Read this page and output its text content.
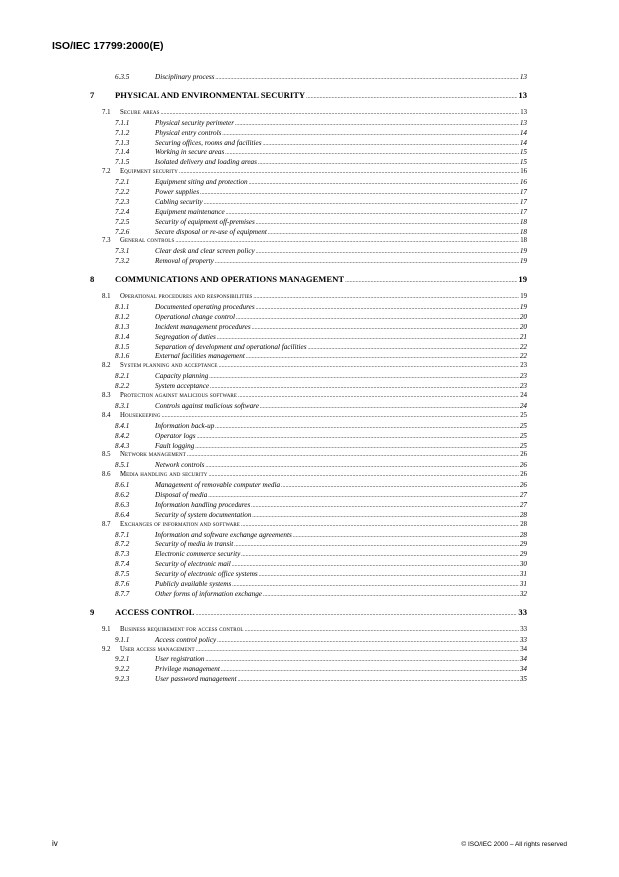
ISO/IEC 17799:2000(E)
6.3.5	Disciplinary process .....	13
7	PHYSICAL AND ENVIRONMENTAL SECURITY .....	13
7.1	Secure areas .....	13
7.1.1	Physical security perimeter .....	13
7.1.2	Physical entry controls .....	14
7.1.3	Securing offices, rooms and facilities .....	14
7.1.4	Working in secure areas .....	15
7.1.5	Isolated delivery and loading areas .....	15
7.2	Equipment security .....	16
7.2.1	Equipment siting and protection .....	16
7.2.2	Power supplies .....	17
7.2.3	Cabling security .....	17
7.2.4	Equipment maintenance .....	17
7.2.5	Security of equipment off-premises .....	18
7.2.6	Secure disposal or re-use of equipment .....	18
7.3	General controls .....	18
7.3.1	Clear desk and clear screen policy .....	19
7.3.2	Removal of property .....	19
8	COMMUNICATIONS AND OPERATIONS MANAGEMENT .....	19
8.1	Operational procedures and responsibilities .....	19
8.1.1	Documented operating procedures .....	19
8.1.2	Operational change control .....	20
8.1.3	Incident management procedures .....	20
8.1.4	Segregation of duties .....	21
8.1.5	Separation of development and operational facilities .....	22
8.1.6	External facilities management .....	22
8.2	System planning and acceptance .....	23
8.2.1	Capacity planning .....	23
8.2.2	System acceptance .....	23
8.3	Protection against malicious software .....	24
8.3.1	Controls against malicious software .....	24
8.4	Housekeeping .....	25
8.4.1	Information back-up .....	25
8.4.2	Operator logs .....	25
8.4.3	Fault logging .....	25
8.5	Network management .....	26
8.5.1	Network controls .....	26
8.6	Media handling and security .....	26
8.6.1	Management of removable computer media .....	26
8.6.2	Disposal of media .....	27
8.6.3	Information handling procedures .....	27
8.6.4	Security of system documentation .....	28
8.7	Exchanges of information and software .....	28
8.7.1	Information and software exchange agreements .....	28
8.7.2	Security of media in transit .....	29
8.7.3	Electronic commerce security .....	29
8.7.4	Security of electronic mail .....	30
8.7.5	Security of electronic office systems .....	31
8.7.6	Publicly available systems .....	31
8.7.7	Other forms of information exchange .....	32
9	ACCESS CONTROL .....	33
9.1	Business requirement for access control .....	33
9.1.1	Access control policy .....	33
9.2	User access management .....	34
9.2.1	User registration .....	34
9.2.2	Privilege management .....	34
9.2.3	User password management .....	35
iv	© ISO/IEC 2000 – All rights reserved
